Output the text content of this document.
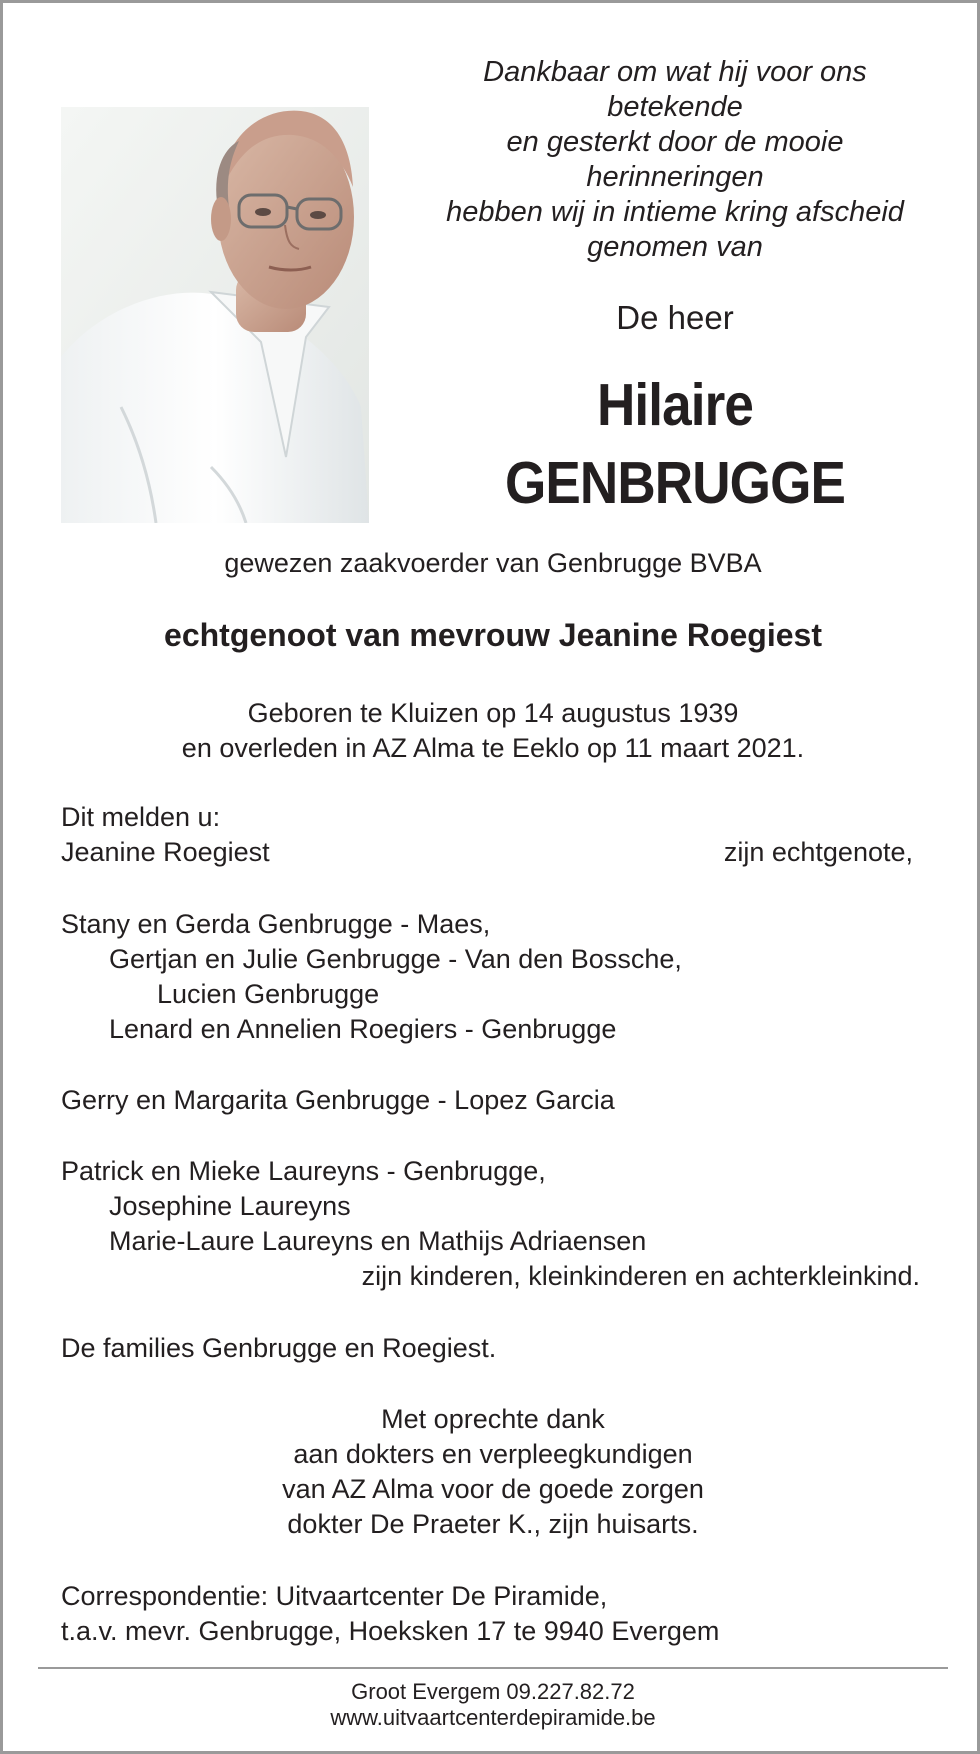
Dankbaar om wat hij voor ons
betekende
en gesterkt door de mooie
herinneringen
hebben wij in intieme kring afscheid
genomen van
De heer
Hilaire
GENBRUGGE
gewezen zaakvoerder van Genbrugge BVBA
echtgenoot van mevrouw Jeanine Roegiest
Geboren te Kluizen op 14 augustus 1939
en overleden in AZ Alma te Eeklo op 11 maart 2021.
Dit melden u:
Jeanine Roegiest	zijn echtgenote,
Stany en Gerda Genbrugge - Maes,
Gertjan en Julie Genbrugge - Van den Bossche,
Lucien Genbrugge
Lenard en Annelien Roegiers - Genbrugge
Gerry en Margarita Genbrugge - Lopez Garcia
Patrick en Mieke Laureyns - Genbrugge,
Josephine Laureyns
Marie-Laure Laureyns en Mathijs Adriaensen
zijn kinderen, kleinkinderen en achterkleinkind.
De families Genbrugge en Roegiest.
Met oprechte dank
aan dokters en verpleegkundigen
van AZ Alma voor de goede zorgen
dokter De Praeter K., zijn huisarts.
Correspondentie: Uitvaartcenter De Piramide,
t.a.v. mevr. Genbrugge, Hoeksken 17 te 9940 Evergem
Groot Evergem 09.227.82.72
www.uitvaartcenterdepiramide.be
